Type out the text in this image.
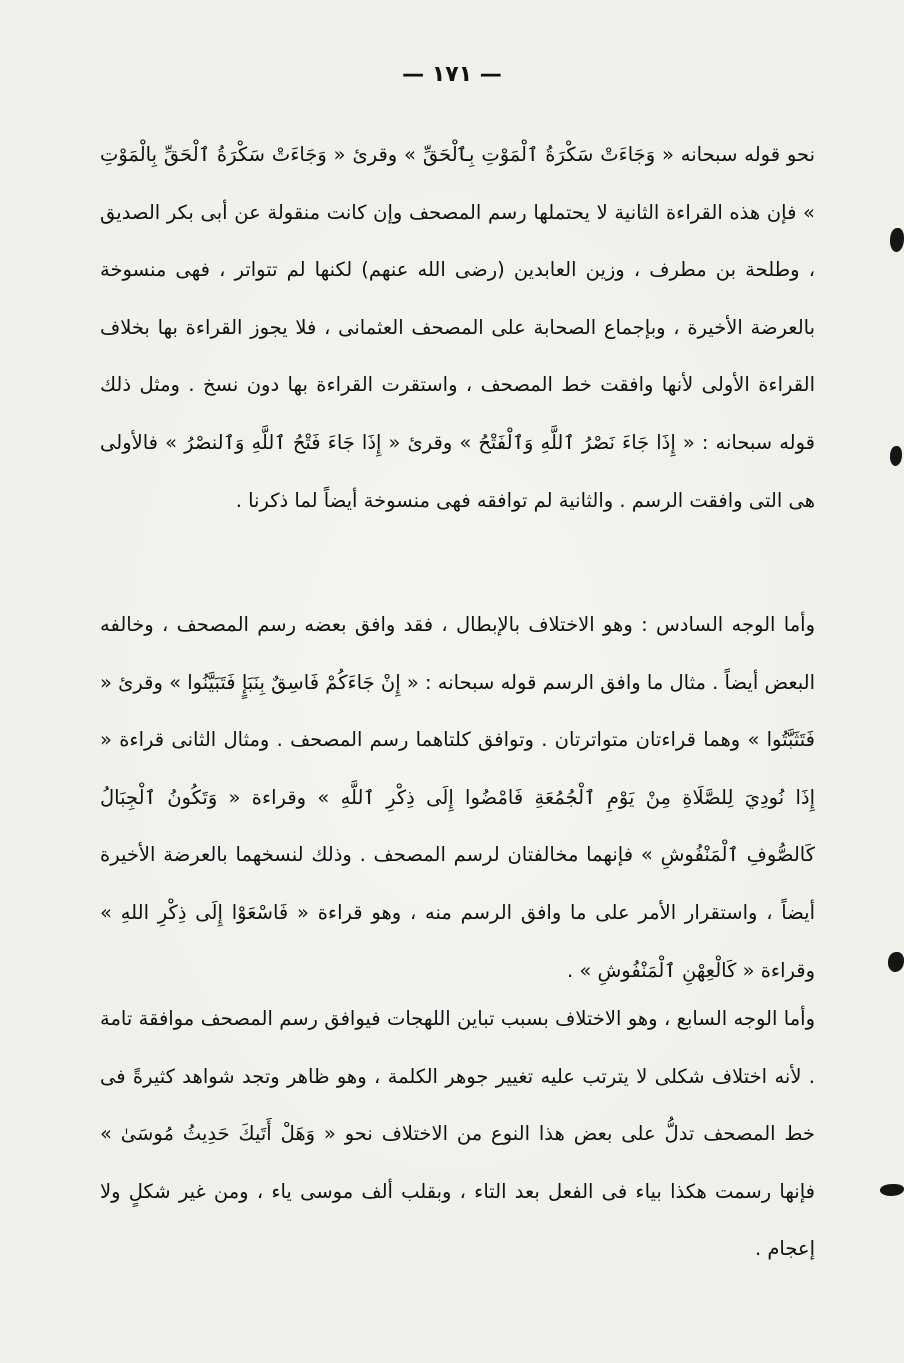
— ١٧١ —

نحو قوله سبحانه « وَجَاءَتْ سَكْرَةُ ٱلْمَوْتِ بِٱلْحَقِّ » وقرئ « وَجَاءَتْ سَكْرَةُ ٱلْحَقِّ بِالْمَوْتِ » فإن هذه القراءة الثانية لا يحتملها رسم المصحف وإن كانت منقولة عن أبى بكر الصديق ، وطلحة بن مطرف ، وزين العابدين (رضى الله عنهم) لكنها لم تتواتر ، فهى منسوخة بالعرضة الأخيرة ، وبإجماع الصحابة على المصحف العثمانى ، فلا يجوز القراءة بها بخلاف القراءة الأولى لأنها وافقت خط المصحف ، واستقرت القراءة بها دون نسخ . ومثل ذلك قوله سبحانه : « إِذَا جَاءَ نَصْرُ ٱللَّهِ وَٱلْفَتْحُ » وقرئ « إِذَا جَاءَ فَتْحُ ٱللَّهِ وَٱلنصْرُ » فالأولى هى التى وافقت الرسم . والثانية لم توافقه فهى منسوخة أيضاً لما ذكرنا .

وأما الوجه السادس : وهو الاختلاف بالإبطال ، فقد وافق بعضه رسم المصحف ، وخالفه البعض أيضاً . مثال ما وافق الرسم قوله سبحانه : « إِنْ جَاءَكُمْ فَاسِقٌ بِنَبَإٍ فَتَبَيَّنُوا » وقرئ « فَتَثَبَّتُوا » وهما قراءتان متواترتان . وتوافق كلتاهما رسم المصحف . ومثال الثانى قراءة « إِذَا نُودِيَ لِلصَّلَاةِ مِنْ يَوْمِ ٱلْجُمُعَةِ فَامْضُوا إِلَى ذِكْرِ ٱللَّهِ » وقراءة « وَتَكُونُ ٱلْجِبَالُ كَالصُّوفِ ٱلْمَنْفُوشِ » فإنهما مخالفتان لرسم المصحف . وذلك لنسخهما بالعرضة الأخيرة أيضاً ، واستقرار الأمر على ما وافق الرسم منه ، وهو قراءة « فَاسْعَوْا إِلَى ذِكْرِ اللهِ » وقراءة « كَالْعِهْنِ ٱلْمَنْفُوشِ » .

وأما الوجه السابع ، وهو الاختلاف بسبب تباين اللهجات فيوافق رسم المصحف موافقة تامة . لأنه اختلاف شكلى لا يترتب عليه تغيير جوهر الكلمة ، وهو ظاهر وتجد شواهد كثيرةً فى خط المصحف تدلُّ على بعض هذا النوع من الاختلاف نحو « وَهَلْ أَتَيكَ حَدِيثُ مُوسَىٰ » فإنها رسمت هكذا بياء فى الفعل بعد التاء ، وبقلب ألف موسى ياء ، ومن غير شكلٍ ولا إعجام .
